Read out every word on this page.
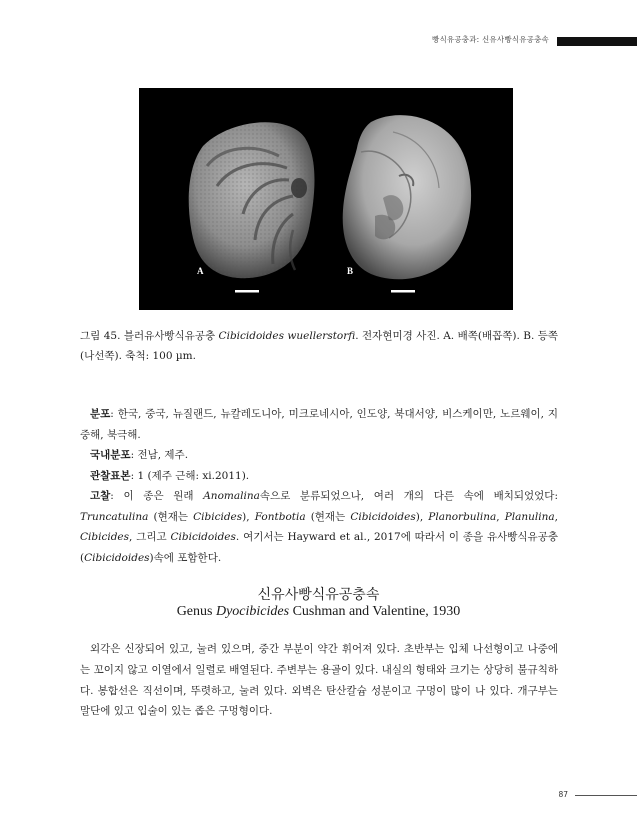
빵식유공충과: 신유사빵식유공충속
A	B
그림 45. 블러유사빵식유공충 Cibicidoides wuellerstorfi. 전자현미경 사진. A. 배쪽(배꼽쪽). B. 등쪽(나선쪽). 축척: 100 µm.

분포: 한국, 중국, 뉴질랜드, 뉴칼레도니아, 미크로네시아, 인도양, 북대서양, 비스케이만, 노르웨이, 지중해, 북극해.

국내분포: 전남, 제주.

관찰표본: 1 (제주 근해: xi.2011).

고찰: 이 종은 원래 Anomalina속으로 분류되었으나, 여러 개의 다른 속에 배치되었었다: Truncatulina (현재는 Cibicides), Fontbotia (현재는 Cibicidoides), Planorbulina, Planulina, Cibicides, 그리고 Cibicidoides. 여기서는 Hayward et al., 2017에 따라서 이 종을 유사빵식유공충(Cibicidoides)속에 포함한다.

신유사빵식유공충속
Genus Dyocibicides Cushman and Valentine, 1930

외각은 신장되어 있고, 눌려 있으며, 중간 부분이 약간 휘어져 있다. 초반부는 입체 나선형이고 나중에는 꼬이지 않고 이열에서 일렬로 배열된다. 주변부는 용골이 있다. 내실의 형태와 크기는 상당히 불규칙하다. 봉합선은 직선이며, 뚜렷하고, 눌려 있다. 외벽은 탄산칼슘 성분이고 구멍이 많이 나 있다. 개구부는 말단에 있고 입술이 있는 좁은 구멍형이다.

87
